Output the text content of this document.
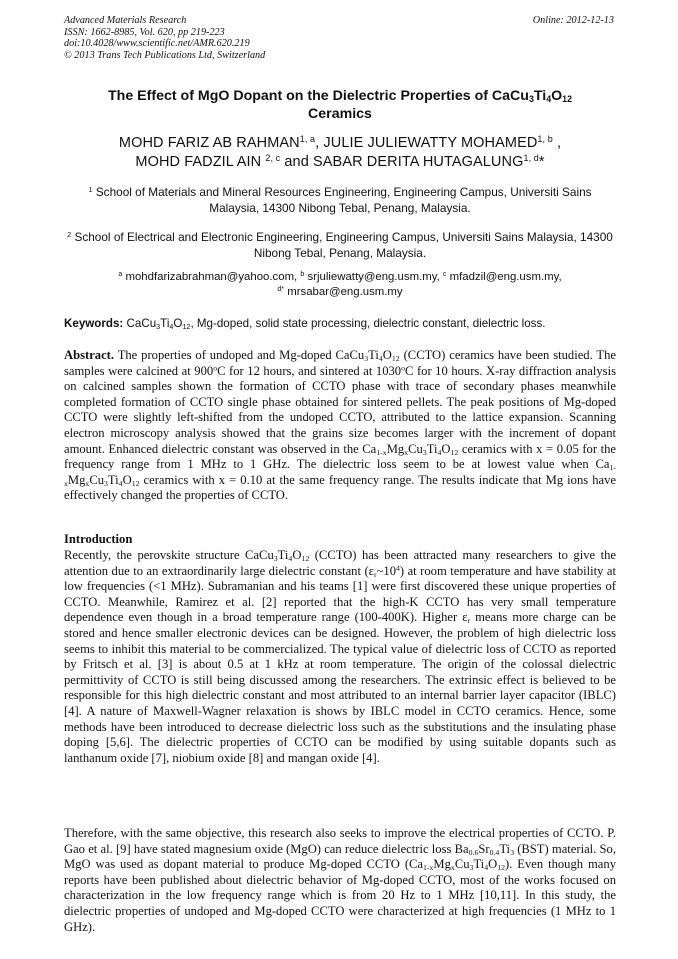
Advanced Materials Research
ISSN: 1662-8985, Vol. 620, pp 219-223
doi:10.4028/www.scientific.net/AMR.620.219
© 2013 Trans Tech Publications Ltd, Switzerland
Online: 2012-12-13
The Effect of MgO Dopant on the Dielectric Properties of $CaCu_3Ti_4O_{12}$
Ceramics
MOHD FARIZ AB RAHMAN$^{1, a}$, JULIE JULIEWATTY MOHAMED$^{1, b}$ ,
MOHD FADZIL AIN $^{2, c}$ and SABAR DERITA HUTAGALUNG$^{1, d}$*
$^1$ School of Materials and Mineral Resources Engineering, Engineering Campus, Universiti Sains Malaysia, 14300 Nibong Tebal, Penang, Malaysia.
$^2$ School of Electrical and Electronic Engineering, Engineering Campus, Universiti Sains Malaysia, 14300 Nibong Tebal, Penang, Malaysia.
$^a$ mohdfarizabrahman@yahoo.com, $^b$ srjuliewatty@eng.usm.my, $^c$ mfadzil@eng.usm.my,
$^{d*}$ mrsabar@eng.usm.my
Keywords: $CaCu_3Ti_4O_{12}$, Mg-doped, solid state processing, dielectric constant, dielectric loss.
Abstract. The properties of undoped and Mg-doped $CaCu_3Ti_4O_{12}$ (CCTO) ceramics have been studied. The samples were calcined at 900$^o$C for 12 hours, and sintered at 1030$^o$C for 10 hours. X-ray diffraction analysis on calcined samples shown the formation of CCTO phase with trace of secondary phases meanwhile completed formation of CCTO single phase obtained for sintered pellets. The peak positions of Mg-doped CCTO were slightly left-shifted from the undoped CCTO, attributed to the lattice expansion. Scanning electron microscopy analysis showed that the grains size becomes larger with the increment of dopant amount. Enhanced dielectric constant was observed in the $Ca_{1-x}Mg_xCu_3Ti_4O_{12}$ ceramics with x = 0.05 for the frequency range from 1 MHz to 1 GHz. The dielectric loss seem to be at lowest value when $Ca_{1-x}Mg_xCu_3Ti_4O_{12}$ ceramics with x = 0.10 at the same frequency range. The results indicate that Mg ions have effectively changed the properties of CCTO.
Introduction
Recently, the perovskite structure $CaCu_3Ti_4O_{12}$ (CCTO) has been attracted many researchers to give the attention due to an extraordinarily large dielectric constant $(\varepsilon_r\sim 10^4)$ at room temperature and have stability at low frequencies (<1 MHz). Subramanian and his teams [1] were first discovered these unique properties of CCTO. Meanwhile, Ramirez et al. [2] reported that the high-K CCTO has very small temperature dependence even though in a broad temperature range (100-400K). Higher $\varepsilon_r$ means more charge can be stored and hence smaller electronic devices can be designed. However, the problem of high dielectric loss seems to inhibit this material to be commercialized. The typical value of dielectric loss of CCTO as reported by Fritsch et al. [3] is about 0.5 at 1 kHz at room temperature. The origin of the colossal dielectric permittivity of CCTO is still being discussed among the researchers. The extrinsic effect is believed to be responsible for this high dielectric constant and most attributed to an internal barrier layer capacitor (IBLC) [4]. A nature of Maxwell-Wagner relaxation is shows by IBLC model in CCTO ceramics. Hence, some methods have been introduced to decrease dielectric loss such as the substitutions and the insulating phase doping [5,6]. The dielectric properties of CCTO can be modified by using suitable dopants such as lanthanum oxide [7], niobium oxide [8] and mangan oxide [4].
Therefore, with the same objective, this research also seeks to improve the electrical properties of CCTO. P. Gao et al. [9] have stated magnesium oxide (MgO) can reduce dielectric loss $Ba_{0.6}Sr_{0.4}Ti_3$ (BST) material. So, MgO was used as dopant material to produce Mg-doped CCTO $(Ca_{1-x}Mg_xCu_3Ti_4O_{12})$. Even though many reports have been published about dielectric behavior of Mg-doped CCTO, most of the works focused on characterization in the low frequency range which is from 20 Hz to 1 MHz [10,11]. In this study, the dielectric properties of undoped and Mg-doped CCTO were characterized at high frequencies (1 MHz to 1 GHz).
